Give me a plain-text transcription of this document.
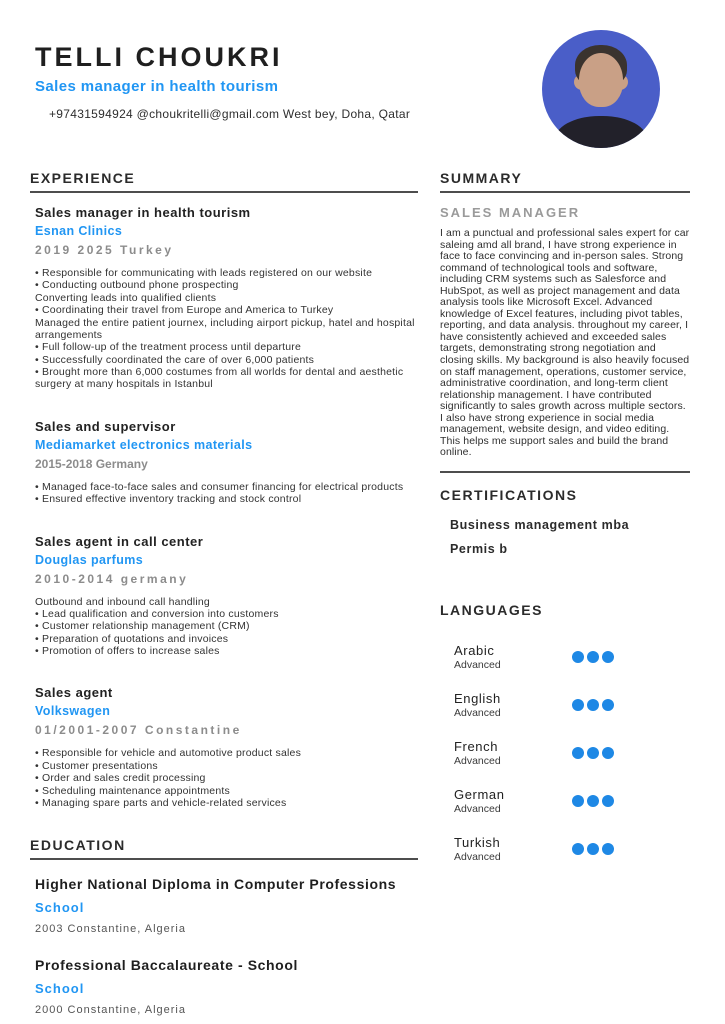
TELLI CHOUKRI
Sales manager in health tourism
+97431594924 @choukritelli@gmail.com West bey, Doha, Qatar
EXPERIENCE
Sales manager in health tourism
Esnan Clinics
2019 2025 Turkey
• Responsible for communicating with leads registered on our website
• Conducting outbound phone prospecting
Converting leads into qualified clients
• Coordinating their travel from Europe and America to Turkey
Managed the entire patient journex, including airport pickup, hatel and hospital arrangements
• Full follow-up of the treatment process until departure
• Successfully coordinated the care of over 6,000 patients
• Brought more than 6,000 costumes from all worlds for dental and aesthetic surgery at many hospitals in Istanbul
Sales and supervisor
Mediamarket electronics materials
2015-2018 Germany
• Managed face-to-face sales and consumer financing for electrical products
• Ensured effective inventory tracking and stock control
Sales agent in call center
Douglas parfums
2010-2014 germany
Outbound and inbound call handling
• Lead qualification and conversion into customers
• Customer relationship management (CRM)
• Preparation of quotations and invoices
• Promotion of offers to increase sales
Sales agent
Volkswagen
01/2001-2007 Constantine
• Responsible for vehicle and automotive product sales
• Customer presentations
• Order and sales credit processing
• Scheduling maintenance appointments
• Managing spare parts and vehicle-related services
EDUCATION
Higher National Diploma in Computer Professions
School
2003 Constantine, Algeria
Professional Baccalaureate - School
School
2000 Constantine, Algeria
SUMMARY
SALES MANAGER
I am a punctual and professional sales expert for car saleing amd all brand, I have strong experience in face to face convincing and in-person sales. Strong command of technological tools and software, including CRM systems such as Salesforce and HubSpot, as well as project management and data analysis tools like Microsoft Excel. Advanced knowledge of Excel features, including pivot tables, reporting, and data analysis. throughout my career, I have consistently achieved and exceeded sales targets, demonstrating strong negotiation and closing skills. My background is also heavily focused on staff management, operations, customer service, administrative coordination, and long-term client relationship management. I have contributed significantly to sales growth across multiple sectors. I also have strong experience in social media management, website design, and video editing. This helps me support sales and build the brand online.
CERTIFICATIONS
Business management mba
Permis b
LANGUAGES
Arabic
Advanced
English
Advanced
French
Advanced
German
Advanced
Turkish
Advanced
